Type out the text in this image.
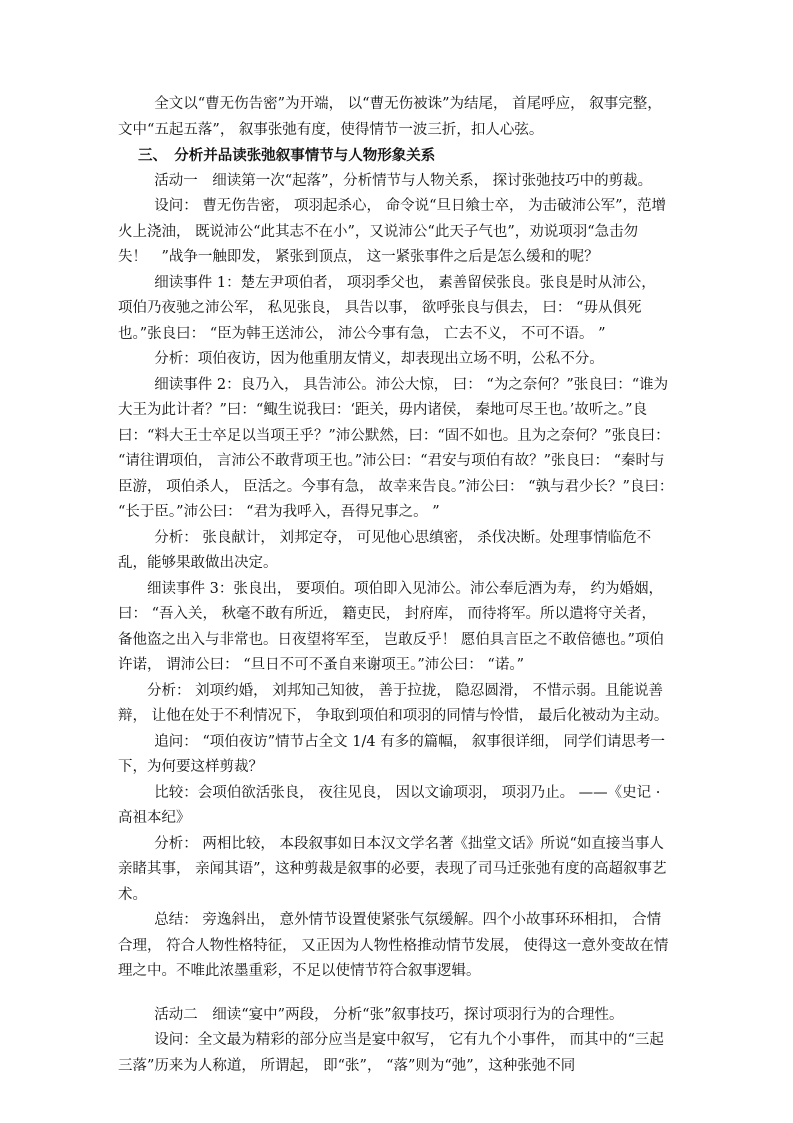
全文以“曹无伤告密”为开端， 以“曹无伤被诛”为结尾， 首尾呼应， 叙事完整， 文中“五起五落”， 叙事张弛有度，使得情节一波三折，扣人心弦。

三、　分析并品读张弛叙事情节与人物形象关系

活动一　细读第一次“起落”，分析情节与人物关系， 探讨张弛技巧中的剪裁。

设问： 曹无伤告密， 项羽起杀心， 命令说“旦日飨士卒， 为击破沛公军”，范增火上浇油， 既说沛公“此其志不在小”，又说沛公“此天子气也”，劝说项羽“急击勿失！　”战争一触即发， 紧张到顶点， 这一紧张事件之后是怎么缓和的呢？

细读事件 1：楚左尹项伯者， 项羽季父也， 素善留侯张良。张良是时从沛公， 项伯乃夜驰之沛公军， 私见张良， 具告以事， 欲呼张良与俱去， 曰： “毋从俱死也。”张良曰： “臣为韩王送沛公， 沛公今事有急， 亡去不义， 不可不语。 ”

分析：项伯夜访，因为他重朋友情义，却表现出立场不明，公私不分。

细读事件 2：良乃入， 具告沛公。沛公大惊， 曰： “为之奈何？”张良曰：“谁为大王为此计者？”曰：“鲰生说我曰：‘距关，毋内诸侯， 秦地可尽王也。’故听之。”良曰：“料大王士卒足以当项王乎？”沛公默然，曰：“固不如也。且为之奈何？”张良曰： “请往谓项伯， 言沛公不敢背项王也。”沛公曰：“君安与项伯有故？”张良曰： “秦时与臣游， 项伯杀人， 臣活之。今事有急， 故幸来告良。”沛公曰： “孰与君少长？”良曰： “长于臣。”沛公曰： “君为我呼入，吾得兄事之。 ”

分析： 张良献计， 刘邦定夺， 可见他心思缜密， 杀伐决断。处理事情临危不乱，能够果敢做出决定。

细读事件 3：张良出， 要项伯。项伯即入见沛公。沛公奉卮酒为寿， 约为婚姻， 曰： “吾入关， 秋毫不敢有所近， 籍吏民， 封府库， 而待将军。所以遣将守关者， 备他盗之出入与非常也。日夜望将军至， 岂敢反乎！ 愿伯具言臣之不敢倍德也。”项伯许诺， 谓沛公曰： “旦日不可不蚤自来谢项王。”沛公曰： “诺。”

分析： 刘项约婚， 刘邦知己知彼， 善于拉拢， 隐忍圆滑， 不惜示弱。且能说善辩， 让他在处于不利情况下， 争取到项伯和项羽的同情与怜惜， 最后化被动为主动。

追问： “项伯夜访”情节占全文 1/4 有多的篇幅， 叙事很详细， 同学们请思考一下，为何要这样剪裁？

比较：会项伯欲活张良， 夜往见良， 因以文谕项羽， 项羽乃止。 ——《史记 · 高祖本纪》

分析： 两相比较， 本段叙事如日本汉文学名著《拙堂文话》所说“如直接当事人亲睹其事， 亲闻其语”，这种剪裁是叙事的必要，表现了司马迁张弛有度的高超叙事艺术。

总结： 旁逸斜出， 意外情节设置使紧张气氛缓解。四个小故事环环相扣， 合情合理， 符合人物性格特征， 又正因为人物性格推动情节发展， 使得这一意外变故在情理之中。不唯此浓墨重彩，不足以使情节符合叙事逻辑。

活动二　细读“宴中”两段， 分析“张”叙事技巧，探讨项羽行为的合理性。

设问：全文最为精彩的部分应当是宴中叙写， 它有九个小事件， 而其中的“三起三落”历来为人称道， 所谓起， 即“张”， “落”则为“弛”，这种张弛不同
